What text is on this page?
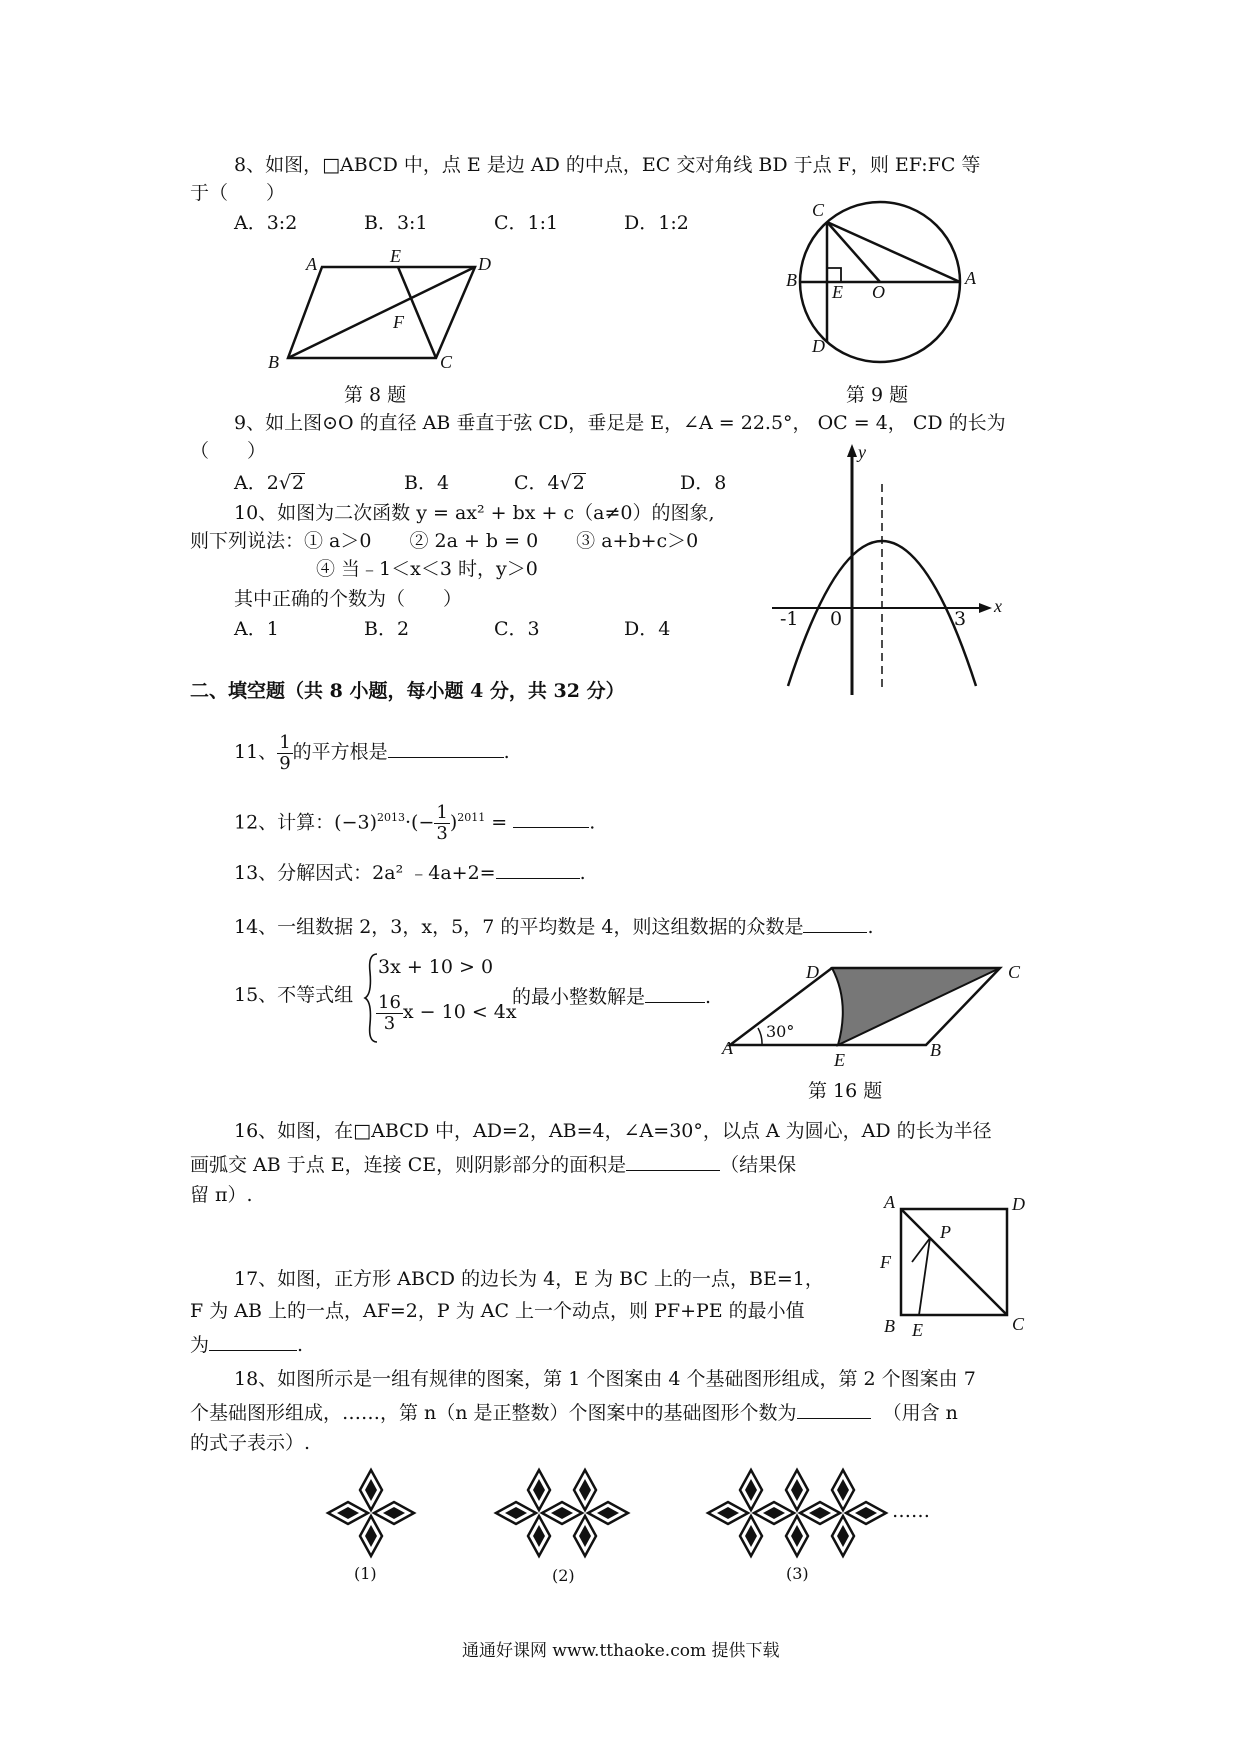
8、如图，□ABCD 中，点 E 是边 AD 的中点，EC 交对角线 BD 于点 F，则 EF:FC 等
于（　　）
A．3:2	B．3:1	C．1:1	D．1:2
A	E	D
F
B	C
第 8 题
C
B
E O
A
D
第 9 题
9、如上图⊙O 的直径 AB 垂直于弦 CD，垂足是 E，∠A = 22.5°， OC = 4， CD 的长为
（　　）
A．2√2	B．4	C．4√2	D．8
10、如图为二次函数 y = ax² + bx + c（a≠0）的图象,
则下列说法：① a＞0　　② 2a + b = 0　　③ a+b+c＞0
④ 当﹣1＜x＜3 时，y＞0
其中正确的个数为（　　）
A．1	B．2	C．3	D．4
y
x
-1 0	3
二、填空题（共 8 小题，每小题 4 分，共 32 分）
11、 $\frac{1}{9}$ 的平方根是	.
12、计算：$(-3)^{2013}\cdot(- \frac{1}{3} )^{2011}$ =	.
13、分解因式：2a² ﹣4a+2=	.
14、一组数据 2，3，x，5，7 的平均数是 4，则这组数据的众数是	.
15、不等式组
3x + 10 > 0
$\frac{16}{3}$ x − 10 < 4x
的最小整数解是	.
D	C
A
30°
E	B
第 16 题
16、如图，在□ABCD 中，AD=2，AB=4，∠A=30°，以点 A 为圆心，AD 的长为半径
画弧交 AB 于点 E，连接 CE，则阴影部分的面积是	（结果保
留 π）.	A	D
P
F
B E	C
17、如图，正方形 ABCD 的边长为 4，E 为 BC 上的一点，BE=1，
F 为 AB 上的一点，AF=2，P 为 AC 上一个动点，则 PF+PE 的最小值
为	.
18、如图所示是一组有规律的图案，第 1 个图案由 4 个基础图形组成，第 2 个图案由 7
个基础图形组成，……，第 n（n 是正整数）个图案中的基础图形个数为	（用含 n
的式子表示）.
……
(1)	(2)	(3)
通通好课网 www.tthaoke.com 提供下载
